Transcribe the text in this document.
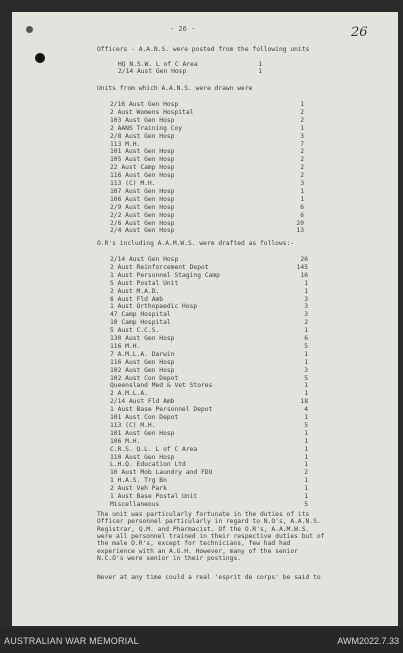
- 26 -	26
Officers - A.A.N.S. were posted from the following units
HQ N.S.W. L of C Area	1
2/14 Aust Gen Hosp	1
Units from which A.A.N.S. were drawn were
2/16 Aust Gen Hosp	1
2 Aust Womens Hospital	2
103 Aust Gen Hosp	2
2 AANS Training Coy	1
2/8 Aust Gen Hosp	3
113 M.H.	7
101 Aust Gen Hosp	2
105 Aust Gen Hosp	2
22 Aust Camp Hosp	2
116 Aust Gen Hosp	2
113 (C) M.H.	3
107 Aust Gen Hosp	1
106 Aust Gen Hosp	1
2/9 Aust Gen Hosp	6
2/2 Aust Gen Hosp	6
2/6 Aust Gen Hosp	20
2/4 Aust Gen Hosp	13
O.R's including A.A.M.W.S. were drafted as follows:-
2/14 Aust Gen Hosp	26
2 Aust Reinforcement Depot	145
1 Aust Personnel Staging Camp	16
5 Aust Postal Unit	1
2 Aust M.A.D.	1
6 Aust Fld Amb	3
1 Aust Orthopaedic Hosp	3
47 Camp Hospital	3
10 Camp Hospital	2
5 Aust C.C.S.	1
130 Aust Gen Hosp	6
116 M.H.	5
7 A.M.L.A. Darwin	1
116 Aust Gen Hosp	1
102 Aust Gen Hosp	3
102 Aust Con Depot	5
Queensland Med & Vet Stores	1
2 A.M.L.A.	1
2/14 Aust Fld Amb	18
1 Aust Base Personnel Depot	4
101 Aust Con Depot	1
113 (C) M.H.	5
101 Aust Gen Hosp	1
106 M.H.	1
C.R.S. Q.L. L of C Area	1
110 Aust Gen Hosp	1
L.H.Q. Education Ltd	1
10 Aust Mob Laundry and FDU	2
1 H.A.S. Trg Bn	1
2 Aust Veh Park	1
1 Aust Base Postal Unit	1
Miscellaneous	5
The unit was particularly fortunate in the duties of its
Officer personnel particularly in regard to N.O's, A.A.N.S.
Registrar, Q.M. and Pharmacist. Of the O.R's, A.A.M.W.S.
were all personnel trained in their respective duties but of
the male O.R's, except for technicians, few had had
experience with an A.G.H. However, many of the senior
N.C.O's were senior in their postings.
Never at any time could a real 'esprit de corps' be said to
AUSTRALIAN WAR MEMORIAL	AWM2022.7.33
